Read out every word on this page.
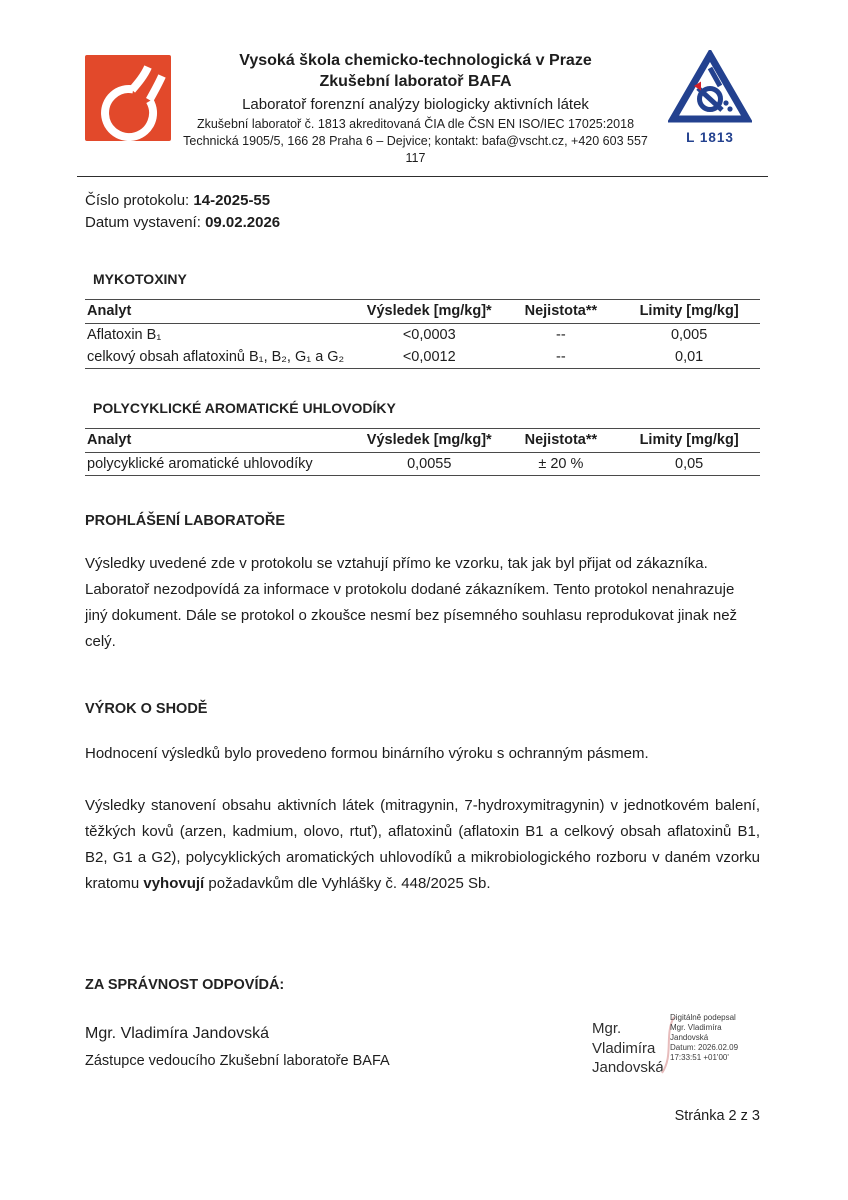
Vysoká škola chemicko-technologická v Praze
Zkušební laboratoř BAFA
Laboratoř forenzní analýzy biologicky aktivních látek
Zkušební laboratoř č. 1813 akreditovaná ČIA dle ČSN EN ISO/IEC 17025:2018
Technická 1905/5, 166 28 Praha 6 – Dejvice; kontakt: bafa@vscht.cz, +420 603 557 117
L 1813
Číslo protokolu: 14-2025-55
Datum vystavení: 09.02.2026
MYKOTOXINY
Analyt	Výsledek [mg/kg]*	Nejistota**	Limity [mg/kg]
Aflatoxin B₁	<0,0003	--	0,005
celkový obsah aflatoxinů B₁, B₂, G₁ a G₂	<0,0012	--	0,01
POLYCYKLICKÉ AROMATICKÉ UHLOVODÍKY
Analyt	Výsledek [mg/kg]*	Nejistota**	Limity [mg/kg]
polycyklické aromatické uhlovodíky	0,0055	± 20 %	0,05
PROHLÁŠENÍ LABORATOŘE

Výsledky uvedené zde v protokolu se vztahují přímo ke vzorku, tak jak byl přijat od zákazníka. Laboratoř nezodpovídá za informace v protokolu dodané zákazníkem. Tento protokol nenahrazuje jiný dokument. Dále se protokol o zkoušce nesmí bez písemného souhlasu reprodukovat jinak než celý.

VÝROK O SHODĚ

Hodnocení výsledků bylo provedeno formou binárního výroku s ochranným pásmem.

Výsledky stanovení obsahu aktivních látek (mitragynin, 7-hydroxymitragynin) v jednotkovém balení, těžkých kovů (arzen, kadmium, olovo, rtuť), aflatoxinů (aflatoxin B1 a celkový obsah aflatoxinů B1, B2, G1 a G2), polycyklických aromatických uhlovodíků a mikrobiologického rozboru v daném vzorku kratomu vyhovují požadavkům dle Vyhlášky č. 448/2025 Sb.

ZA SPRÁVNOST ODPOVÍDÁ:
Mgr. Vladimíra Jandovská
Zástupce vedoucího Zkušební laboratoře BAFA
Mgr.
Vladimíra
Jandovská
Digitálně podepsal
Mgr. Vladimíra
Jandovská
Datum: 2026.02.09
17:33:51 +01'00'
Stránka 2 z 3
